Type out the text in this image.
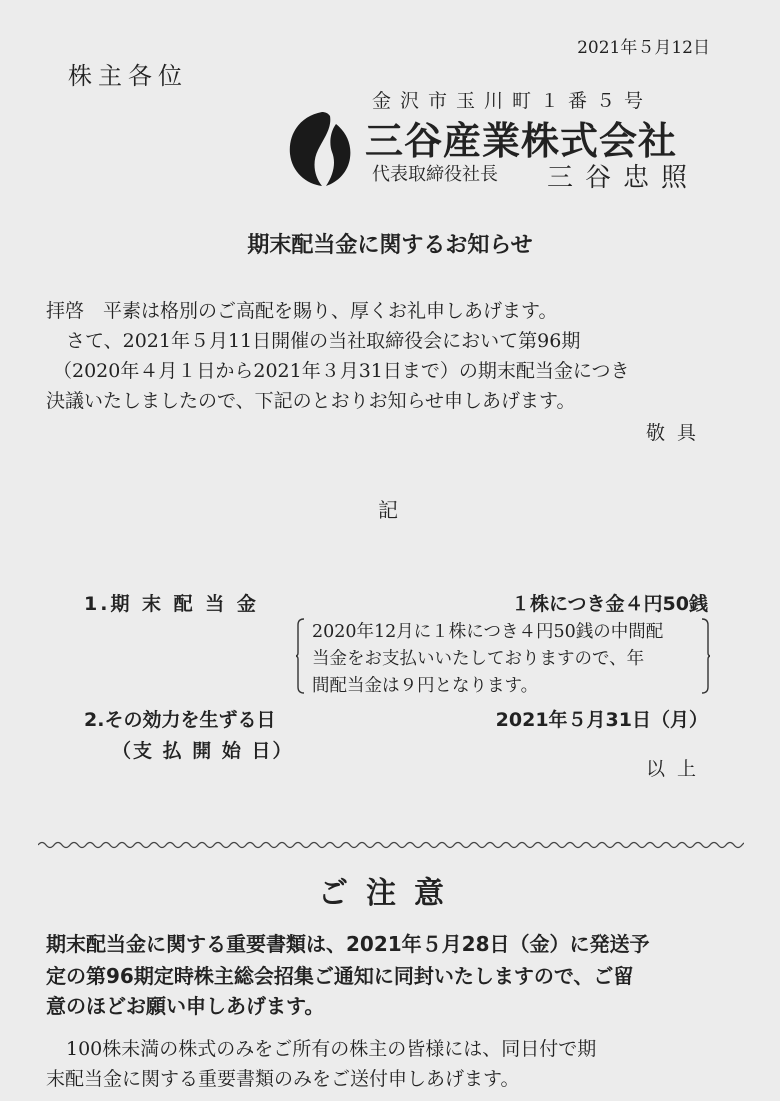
2021年５月12日
株主各位
金沢市玉川町１番５号
三谷産業株式会社
代表取締役社長 三谷忠照
期末配当金に関するお知らせ
拝啓　平素は格別のご高配を賜り、厚くお礼申しあげます。
さて、2021年５月11日開催の当社取締役会において第96期
（2020年４月１日から2021年３月31日まで）の期末配当金につき
決議いたしましたので、下記のとおりお知らせ申しあげます。
敬具
記
1.期 末 配 当 金	１株につき金４円50銭
2020年12月に１株につき４円50銭の中間配
当金をお支払いいたしておりますので、年
間配当金は９円となります。
2.その効力を生ずる日	2021年５月31日（月）
（支 払 開 始 日）
以上
ご注意
期末配当金に関する重要書類は、2021年５月28日（金）に発送予
定の第96期定時株主総会招集ご通知に同封いたしますので、ご留
意のほどお願い申しあげます。
100株未満の株式のみをご所有の株主の皆様には、同日付で期
末配当金に関する重要書類のみをご送付申しあげます。
